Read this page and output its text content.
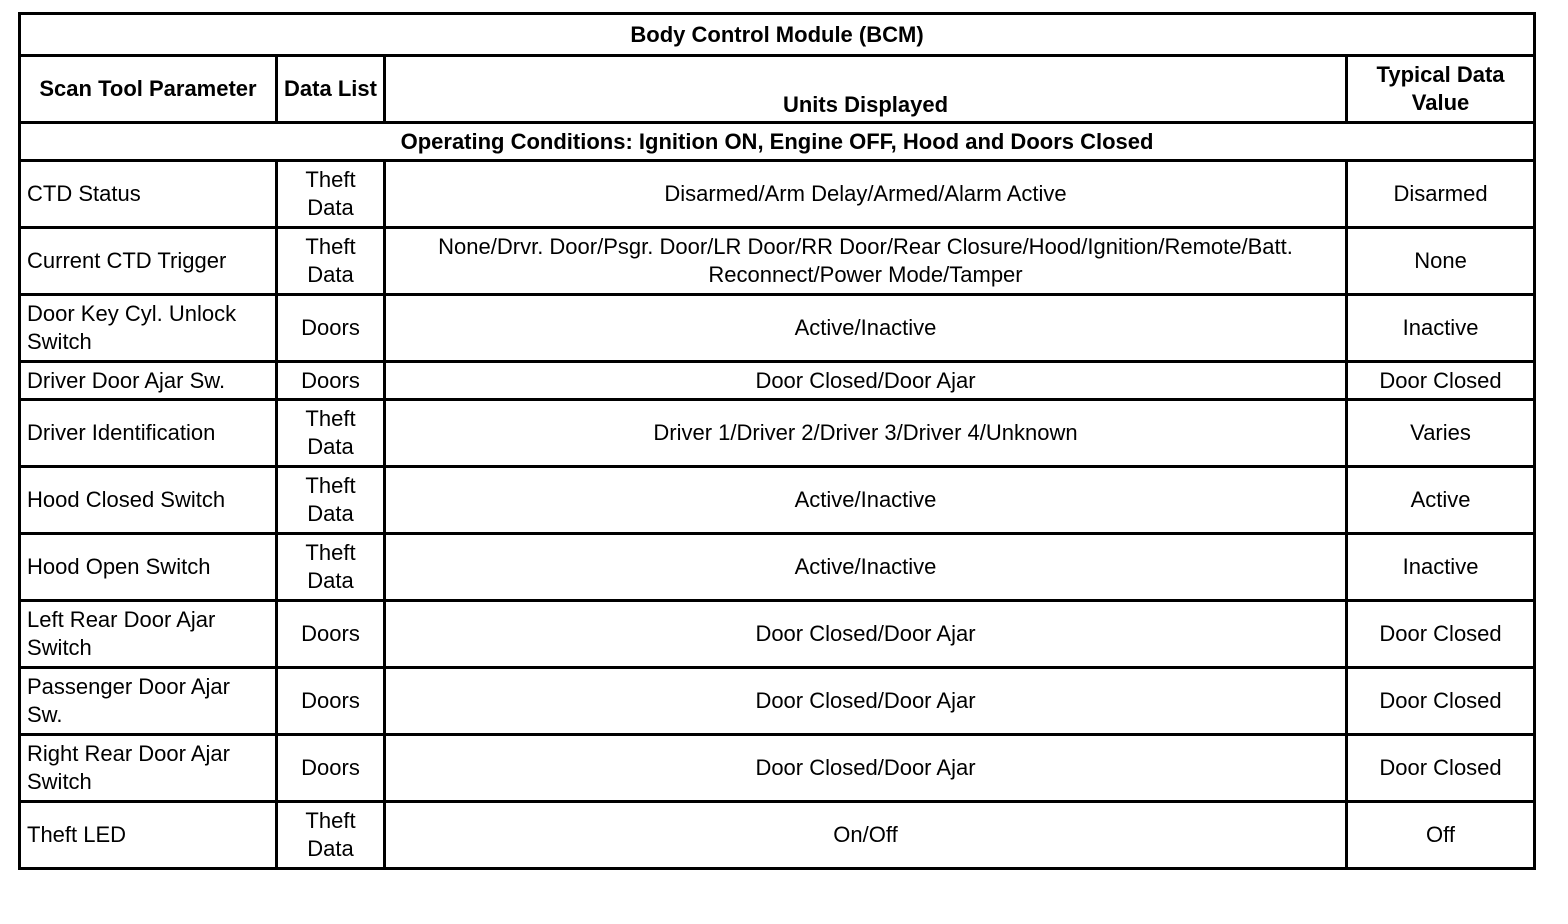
Body Control Module (BCM)			
Scan Tool Parameter	Data List	Units Displayed	Typical Data Value
Operating Conditions: Ignition ON, Engine OFF, Hood and Doors Closed			
CTD Status	Theft Data	Disarmed/Arm Delay/Armed/Alarm Active	Disarmed
Current CTD Trigger	Theft Data	None/Drvr. Door/Psgr. Door/LR Door/RR Door/Rear Closure/Hood/Ignition/Remote/Batt. Reconnect/Power Mode/Tamper	None
Door Key Cyl. Unlock Switch	Doors	Active/Inactive	Inactive
Driver Door Ajar Sw.	Doors	Door Closed/Door Ajar	Door Closed
Driver Identification	Theft Data	Driver 1/Driver 2/Driver 3/Driver 4/Unknown	Varies
Hood Closed Switch	Theft Data	Active/Inactive	Active
Hood Open Switch	Theft Data	Active/Inactive	Inactive
Left Rear Door Ajar Switch	Doors	Door Closed/Door Ajar	Door Closed
Passenger Door Ajar Sw.	Doors	Door Closed/Door Ajar	Door Closed
Right Rear Door Ajar Switch	Doors	Door Closed/Door Ajar	Door Closed
Theft LED	Theft Data	On/Off	Off
